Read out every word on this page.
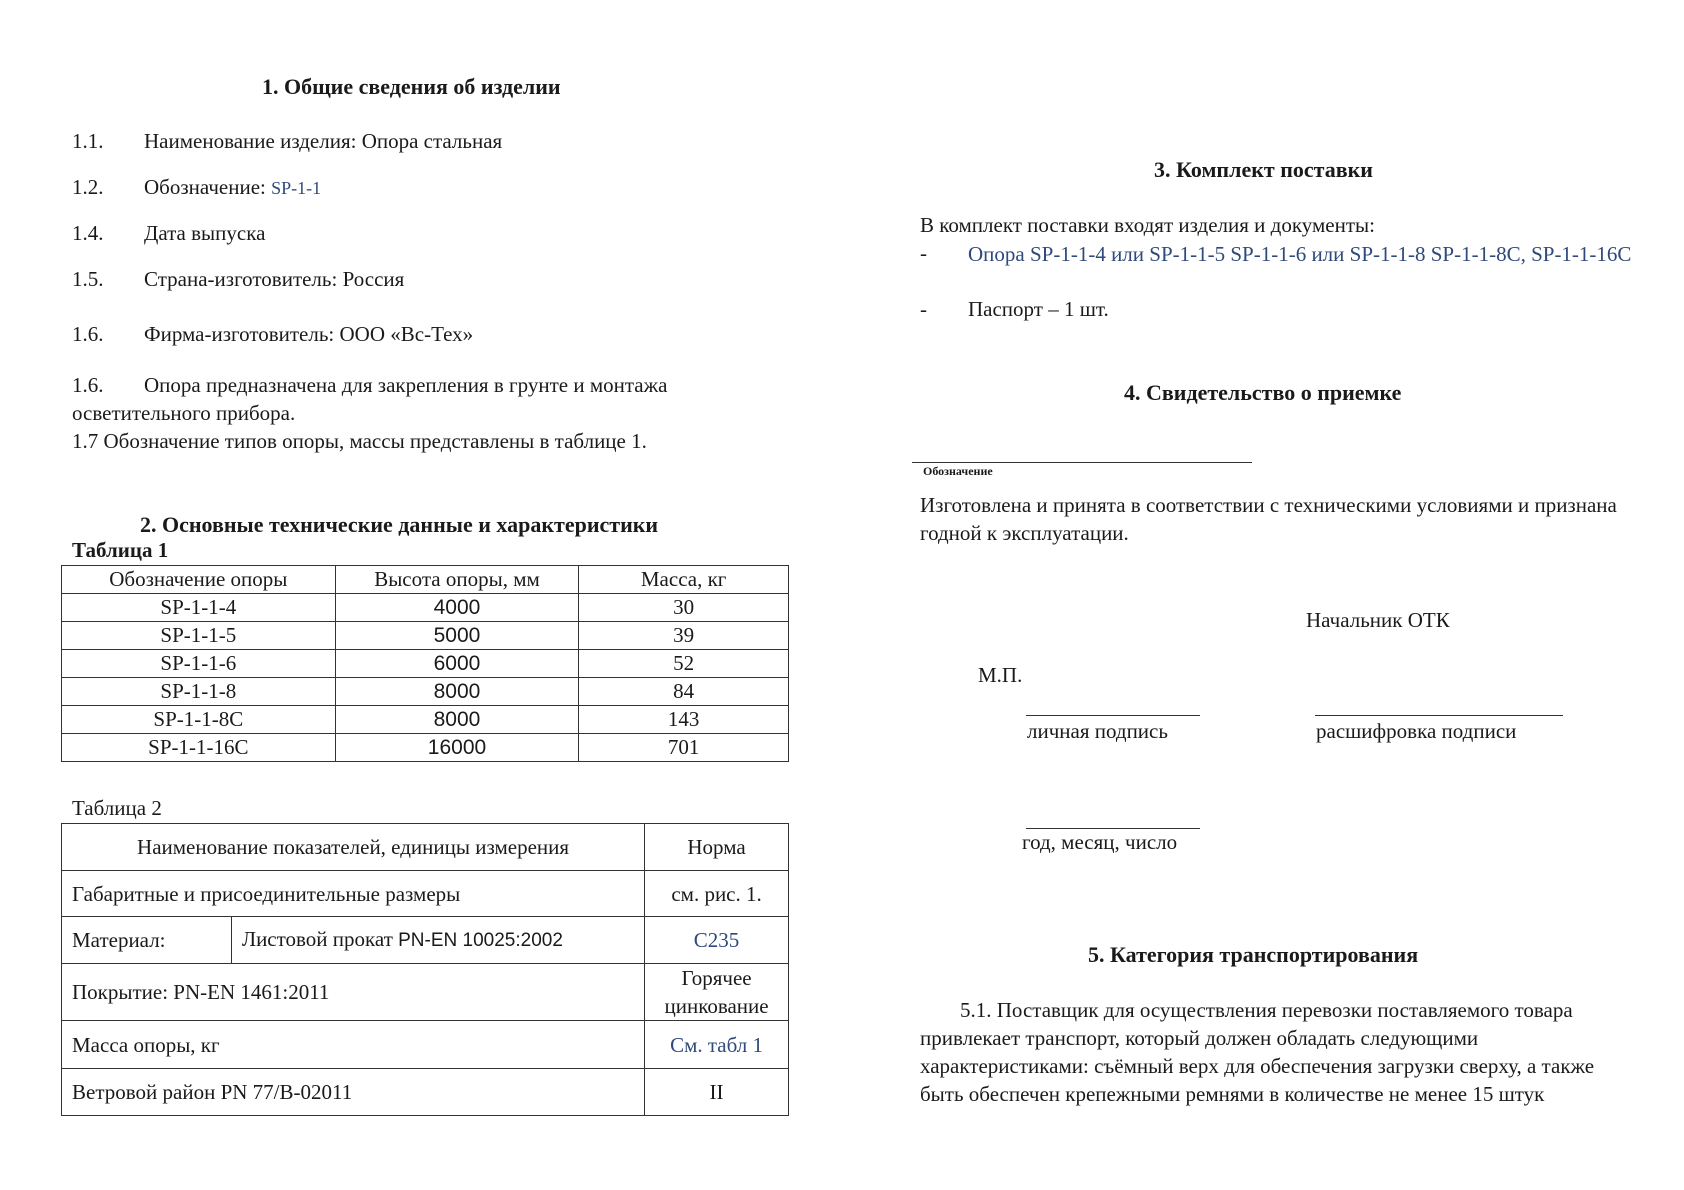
1. Общие сведения об изделии
1.1. Наименование изделия: Опора стальная
1.2. Обозначение: SP-1-1
1.4. Дата выпуска
1.5. Страна-изготовитель: Россия
1.6. Фирма-изготовитель: ООО «Вс-Тех»
1.6. Опора предназначена для закрепления в грунте и монтажа осветительного прибора.
1.7 Обозначение типов опоры, массы представлены в таблице 1.
2. Основные технические данные и характеристики
Таблица 1
Обозначение опоры	Высота опоры, мм	Масса, кг
SP-1-1-4	4000	30
SP-1-1-5	5000	39
SP-1-1-6	6000	52
SP-1-1-8	8000	84
SP-1-1-8С	8000	143
SP-1-1-16С	16000	701
Таблица 2
Наименование показателей, единицы измерения		Норма
Габаритные и присоединительные размеры		см. рис. 1.
Материал:	Листовой прокат PN-EN 10025:2002	С235
Покрытие: PN-EN 1461:2011		Горячее цинкование
Масса опоры, кг		См. табл 1
Ветровой район PN 77/B-02011		II
3. Комплект поставки
В комплект поставки входят изделия и документы:
- Опора SP-1-1-4 или SP-1-1-5 SP-1-1-6 или SP-1-1-8 SP-1-1-8С, SP-1-1-16С
- Паспорт – 1 шт.
4. Свидетельство о приемке
Обозначение
Изготовлена и принята в соответствии с техническими условиями и признана годной к эксплуатации.
Начальник ОТК
М.П.
личная подпись	расшифровка подписи
год, месяц, число
5. Категория транспортирования
5.1. Поставщик для осуществления перевозки поставляемого товара привлекает транспорт, который должен обладать следующими характеристиками: съёмный верх для обеспечения загрузки сверху, а также быть обеспечен крепежными ремнями в количестве не менее 15 штук
